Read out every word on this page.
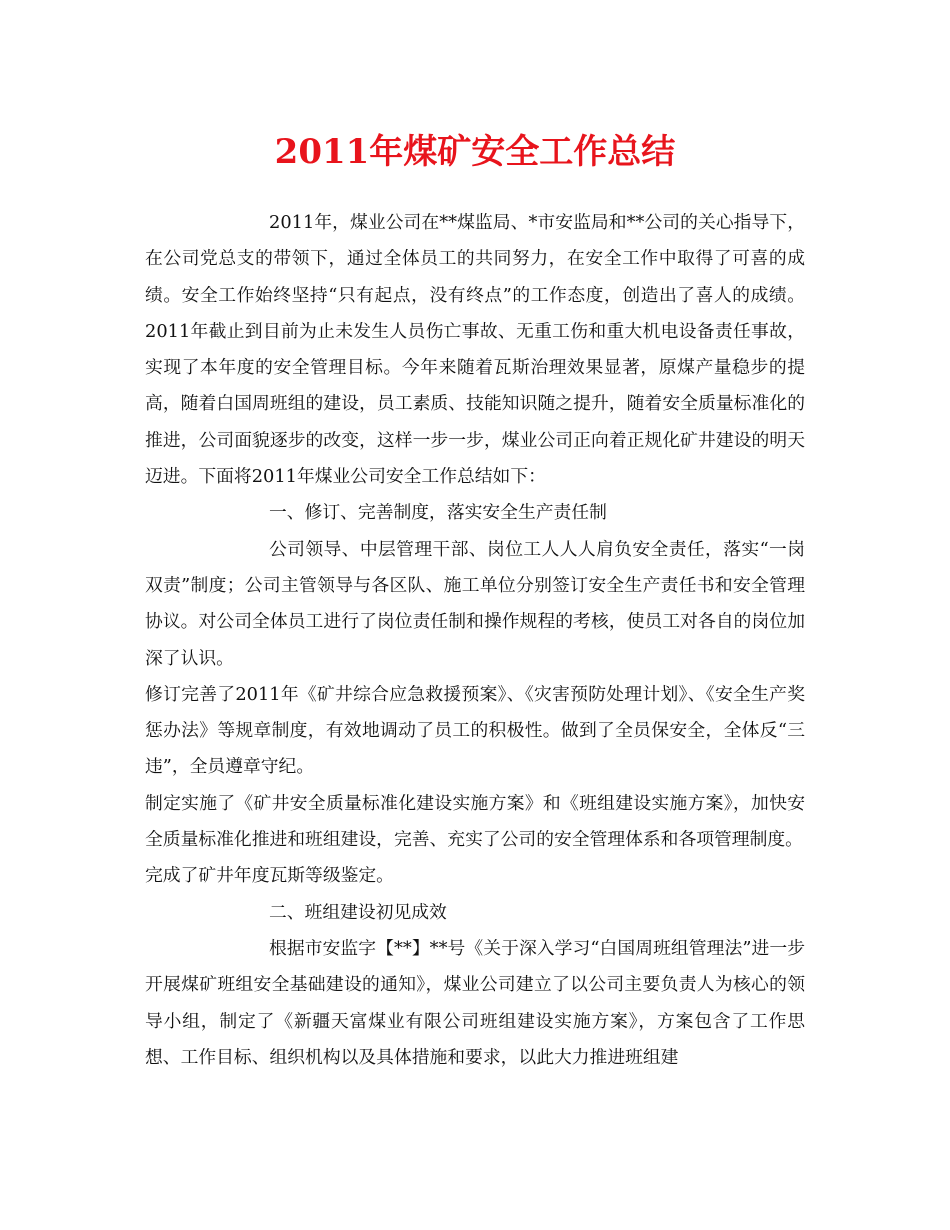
2011年煤矿安全工作总结

2011年，煤业公司在**煤监局、*市安监局和**公司的关心指导下，在公司党总支的带领下，通过全体员工的共同努力，在安全工作中取得了可喜的成绩。安全工作始终坚持“只有起点，没有终点”的工作态度，创造出了喜人的成绩。2011年截止到目前为止未发生人员伤亡事故、无重工伤和重大机电设备责任事故，实现了本年度的安全管理目标。今年来随着瓦斯治理效果显著，原煤产量稳步的提高，随着白国周班组的建设，员工素质、技能知识随之提升，随着安全质量标准化的推进，公司面貌逐步的改变，这样一步一步，煤业公司正向着正规化矿井建设的明天迈进。下面将2011年煤业公司安全工作总结如下：

一、修订、完善制度，落实安全生产责任制

公司领导、中层管理干部、岗位工人人人肩负安全责任，落实“一岗双责”制度；公司主管领导与各区队、施工单位分别签订安全生产责任书和安全管理协议。对公司全体员工进行了岗位责任制和操作规程的考核，使员工对各自的岗位加深了认识。

修订完善了2011年《矿井综合应急救援预案》、《灾害预防处理计划》、《安全生产奖惩办法》等规章制度，有效地调动了员工的积极性。做到了全员保安全，全体反“三违”，全员遵章守纪。

制定实施了《矿井安全质量标准化建设实施方案》和《班组建设实施方案》，加快安全质量标准化推进和班组建设，完善、充实了公司的安全管理体系和各项管理制度。

完成了矿井年度瓦斯等级鉴定。

二、班组建设初见成效

根据市安监字【**】**号《关于深入学习“白国周班组管理法”进一步开展煤矿班组安全基础建设的通知》，煤业公司建立了以公司主要负责人为核心的领导小组，制定了《新疆天富煤业有限公司班组建设实施方案》，方案包含了工作思想、工作目标、组织机构以及具体措施和要求，以此大力推进班组建
